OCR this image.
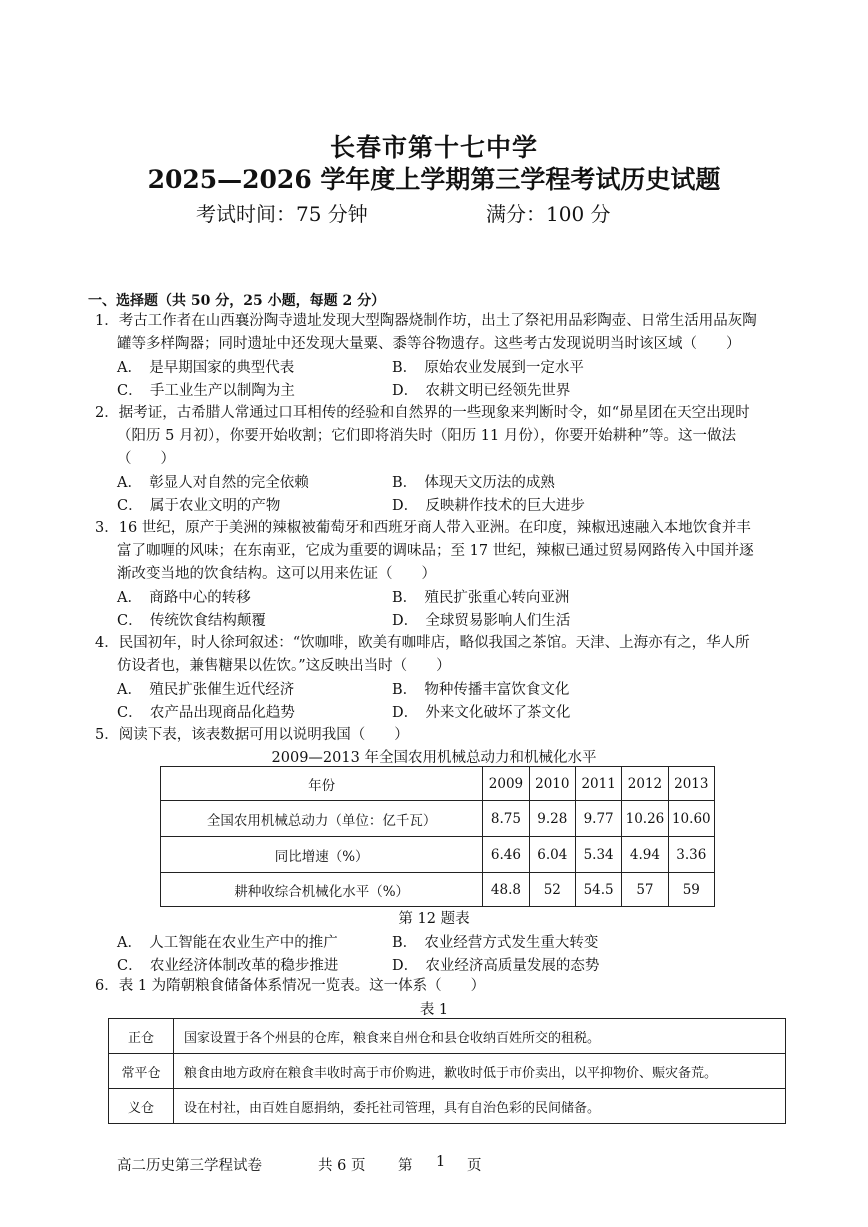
长春市第十七中学
2025—2026 学年度上学期第三学程考试历史试题
考试时间：75 分钟	满分：100 分
一、选择题（共 50 分，25 小题，每题 2 分）
1．考古工作者在山西襄汾陶寺遗址发现大型陶器烧制作坊，出土了祭祀用品彩陶壶、日常生活用品灰陶
罐等多样陶器；同时遗址中还发现大量粟、黍等谷物遗存。这些考古发现说明当时该区域（　　）
A．　是早期国家的典型代表	B．　原始农业发展到一定水平
C．　手工业生产以制陶为主	D．　农耕文明已经领先世界
2．据考证，古希腊人常通过口耳相传的经验和自然界的一些现象来判断时令，如“昴星团在天空出现时
（阳历 5 月初），你要开始收割；它们即将消失时（阳历 11 月份），你要开始耕种”等。这一做法
（　　）
A．　彰显人对自然的完全依赖	B．　体现天文历法的成熟
C．　属于农业文明的产物	D．　反映耕作技术的巨大进步
3．16 世纪，原产于美洲的辣椒被葡萄牙和西班牙商人带入亚洲。在印度，辣椒迅速融入本地饮食并丰
富了咖喱的风味；在东南亚，它成为重要的调味品；至 17 世纪，辣椒已通过贸易网路传入中国并逐
渐改变当地的饮食结构。这可以用来佐证（　　）
A．　商路中心的转移	B．　殖民扩张重心转向亚洲
C．　传统饮食结构颠覆	D．　全球贸易影响人们生活
4．民国初年，时人徐珂叙述：“饮咖啡，欧美有咖啡店，略似我国之茶馆。天津、上海亦有之，华人所
仿设者也，兼售糖果以佐饮。”这反映出当时（　　）
A．　殖民扩张催生近代经济	B．　物种传播丰富饮食文化
C．　农产品出现商品化趋势	D．　外来文化破坏了茶文化
5．阅读下表，该表数据可用以说明我国（　　）
2009—2013 年全国农用机械总动力和机械化水平
年份	2009	2010	2011	2012	2013
全国农用机械总动力（单位：亿千瓦）	8.75	9.28	9.77	10.26	10.60
同比增速（%）	6.46	6.04	5.34	4.94	3.36
耕种收综合机械化水平（%）	48.8	52	54.5	57	59
第 12 题表
A．　人工智能在农业生产中的推广	B．　农业经营方式发生重大转变
C．　农业经济体制改革的稳步推进	D．　农业经济高质量发展的态势
6．表 1 为隋朝粮食储备体系情况一览表。这一体系（　　）
表 1
正仓	国家设置于各个州县的仓库，粮食来自州仓和县仓收纳百姓所交的租税。
常平仓	粮食由地方政府在粮食丰收时高于市价购进，歉收时低于市价卖出，以平抑物价、赈灾备荒。
义仓	设在村社，由百姓自愿捐纳，委托社司管理，具有自治色彩的民间储备。
高二历史第三学程试卷	共 6 页 第 1 页
